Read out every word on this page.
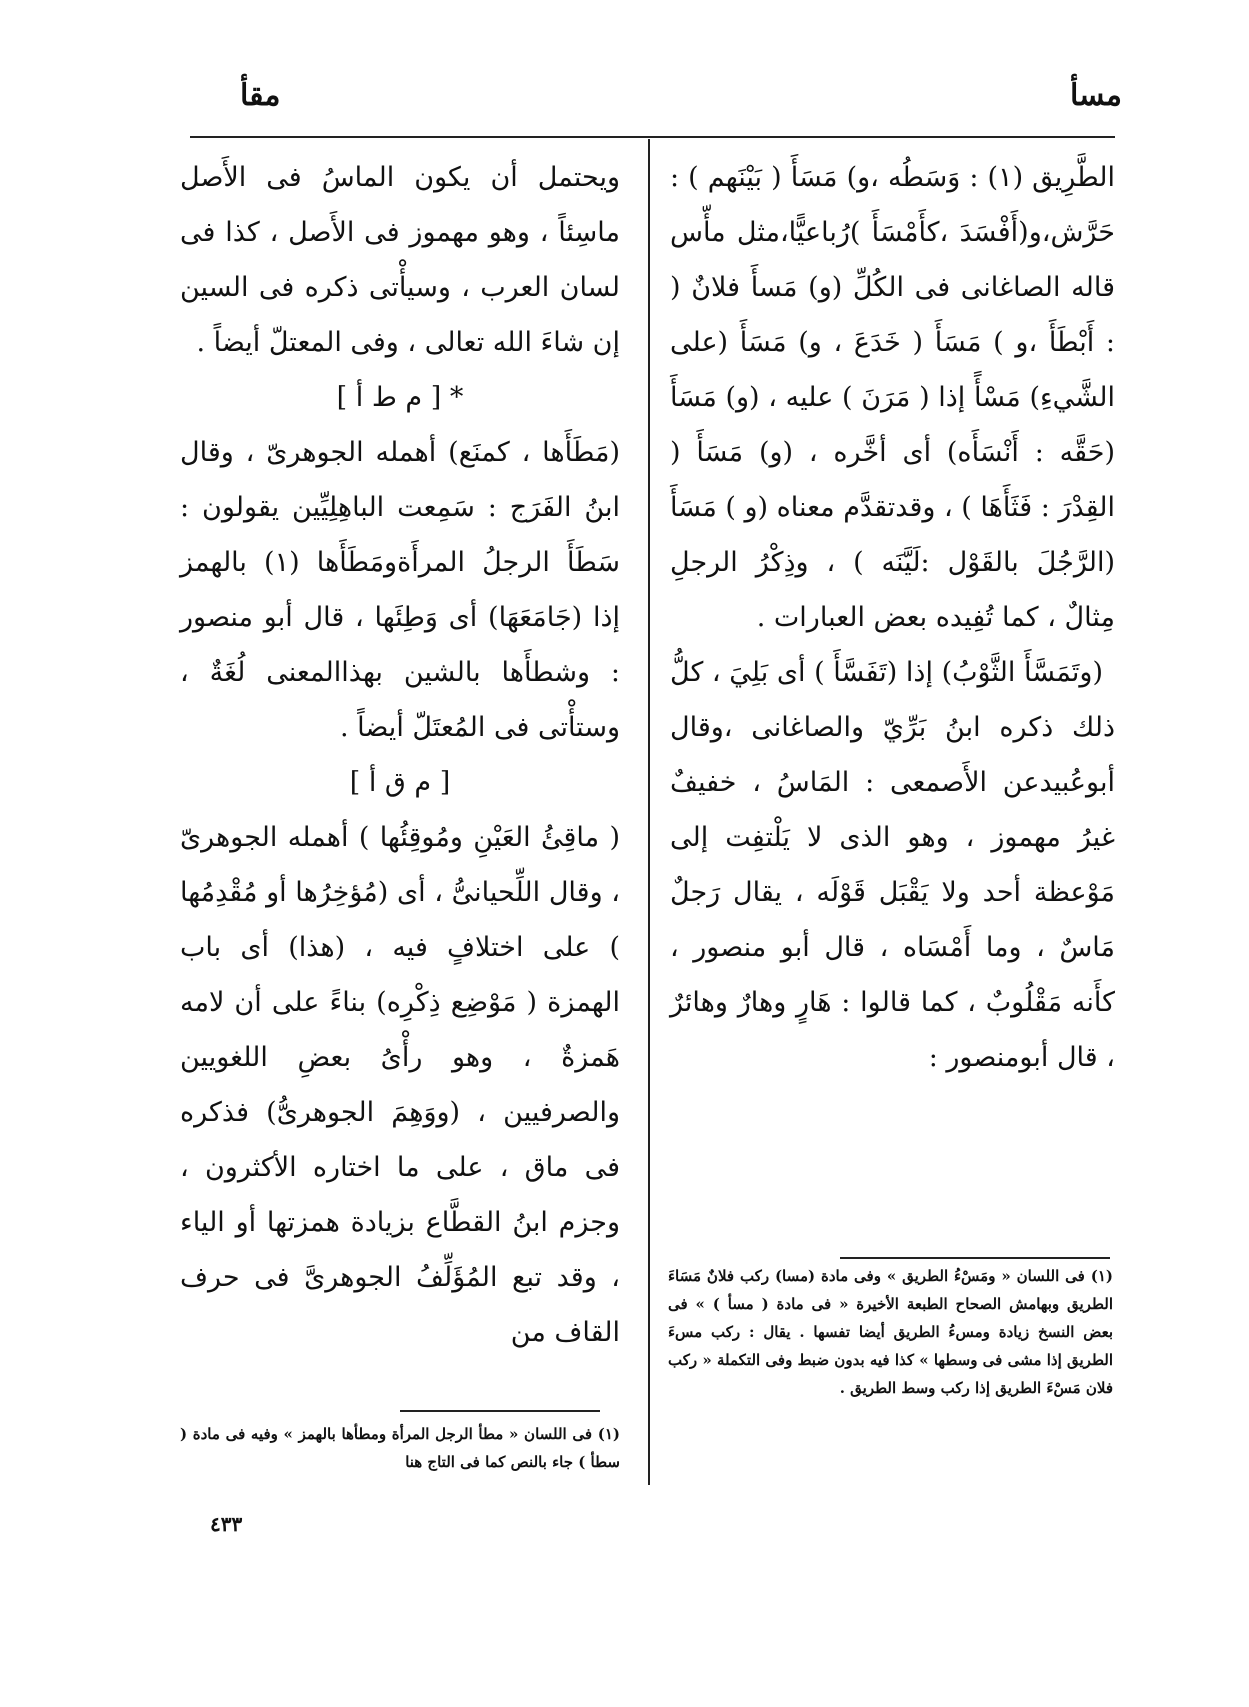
مسأ
مقأ

الطَّرِيق (١) : وَسَطُه ،و) مَسَأَ ( بَيْنَهم ) : حَرَّش،و(أَفْسَدَ ،كأَمْسَأَ )رُباعيًّا،مثل مأّس قاله الصاغانى فى الكُلِّ (و) مَسأَ فلانٌ ( : أَبْطَأَ ،و ) مَسَأَ ( خَدَعَ ، و) مَسَأَ (على الشَّيءِ) مَسْأً إذا ( مَرَنَ ) عليه ، (و) مَسَأَ (حَقَّه : أَنْسَأَه) أى أخَّره ، (و) مَسَأَ ( القِدْرَ : فَثَأَهَا ) ، وقدتقدَّم معناه (و ) مَسَأَ (الرَّجُلَ بالقَوْل :لَيَّنَه ) ، وذِكْرُ الرجلِ مِثالٌ ، كما تُفِيده بعض العبارات .

(وتَمَسَّأَ الثَّوْبُ) إذا (تَفَسَّأَ ) أى بَلِيَ ، كلُّ ذلك ذكره ابنُ بَرِّيّ والصاغانى ،وقال أبوعُبيدعن الأَصمعى : المَاسُ ، خفيفٌ غيرُ مهموز ، وهو الذى لا يَلْتفِت إلى مَوْعظة أحد ولا يَقْبَل قَوْلَه ، يقال رَجلٌ مَاسٌ ، وما أَمْسَاه ، قال أبو منصور ، كأَنه مَقْلُوبٌ ، كما قالوا : هَارٍ وهارٌ وهائرٌ ، قال أبومنصور :

ويحتمل أن يكون الماسُ فى الأَصل ماسِئاً ، وهو مهموز فى الأَصل ، كذا فى لسان العرب ، وسيأْتى ذكره فى السين إن شاءَ الله تعالى ، وفى المعتلّ أيضاً .

* [ م ط أ ]

(مَطَأَها ، كمنَع) أهمله الجوهرىّ ، وقال ابنُ الفَرَج : سَمِعت الباهِلِيِّين يقولون : سَطَأَ الرجلُ المرأَةومَطَأَها (١) بالهمز إذا (جَامَعَهَا) أى وَطِئَها ، قال أبو منصور : وشطأَها بالشين بهذاالمعنى لُغَةٌ ، وستأْتى فى المُعتَلّ أيضاً .

[ م ق أ ]

( ماقِئُ العَيْنِ ومُوقِئُها ) أهمله الجوهرىّ ، وقال اللِّحيانىُّ ، أى (مُؤخِرُها أو مُقْدِمُها ) على اختلافٍ فيه ، (هذا) أى باب الهمزة ( مَوْضِع ذِكْرِه) بناءً على أن لامه هَمزةٌ ، وهو رأْىُ بعضِ اللغويين والصرفيين ، (ووَهِمَ الجوهرىُّ) فذكره فى ماق ، على ما اختاره الأكثرون ، وجزم ابنُ القطَّاع بزيادة همزتها أو الياء ، وقد تبع المُؤَلِّفُ الجوهرىَّ فى حرف القاف من

(١) فى اللسان « ومَسْءُ الطريق » وفى مادة (مسا) ركب فلانٌ مَسَاءَ الطريق وبهامش الصحاح الطبعة الأخيرة « فى مادة ( مسأ ) » فى بعض النسخ زيادة ومسءُ الطريق أيضا تفسها . يقال : ركب مسءَ الطريق إذا مشى فى وسطها » كذا فيه بدون ضبط وفى التكملة « ركب فلان مَسْءَ الطريق إذا ركب وسط الطريق .

(١) فى اللسان « مطأ الرجل المرأة ومطأها بالهمز » وفيه فى مادة ( سطأ ) جاء بالنص كما فى التاج هنا

٤٣٣
